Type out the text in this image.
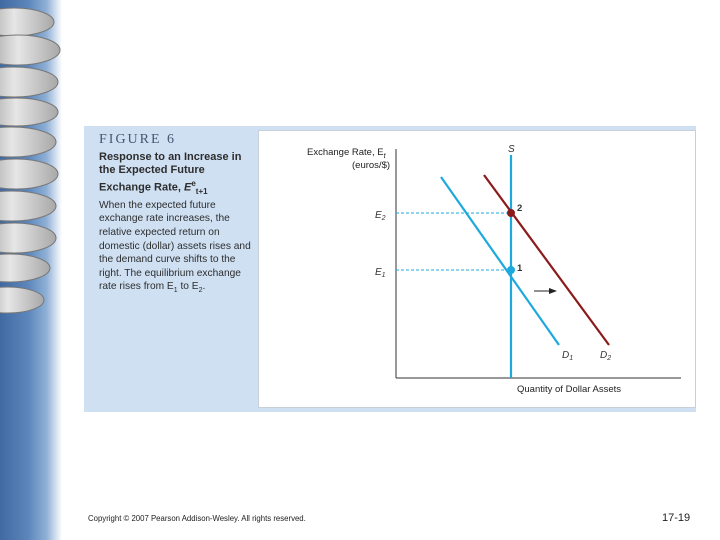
FIGURE 6

Response to an Increase in the Expected Future Exchange Rate, $E^e_{t+1}$

When the expected future exchange rate increases, the relative expected return on domestic (dollar) assets rises and the demand curve shifts to the right. The equilibrium exchange rate rises from $E_1$ to $E_2$.

Exchange Rate, $E_t$
(euros/$)
Quantity of Dollar Assets
S
$D_1$	$D_2$
$E_2$
$E_1$
2
1
Copyright © 2007 Pearson Addison-Wesley. All rights reserved.	17-19
